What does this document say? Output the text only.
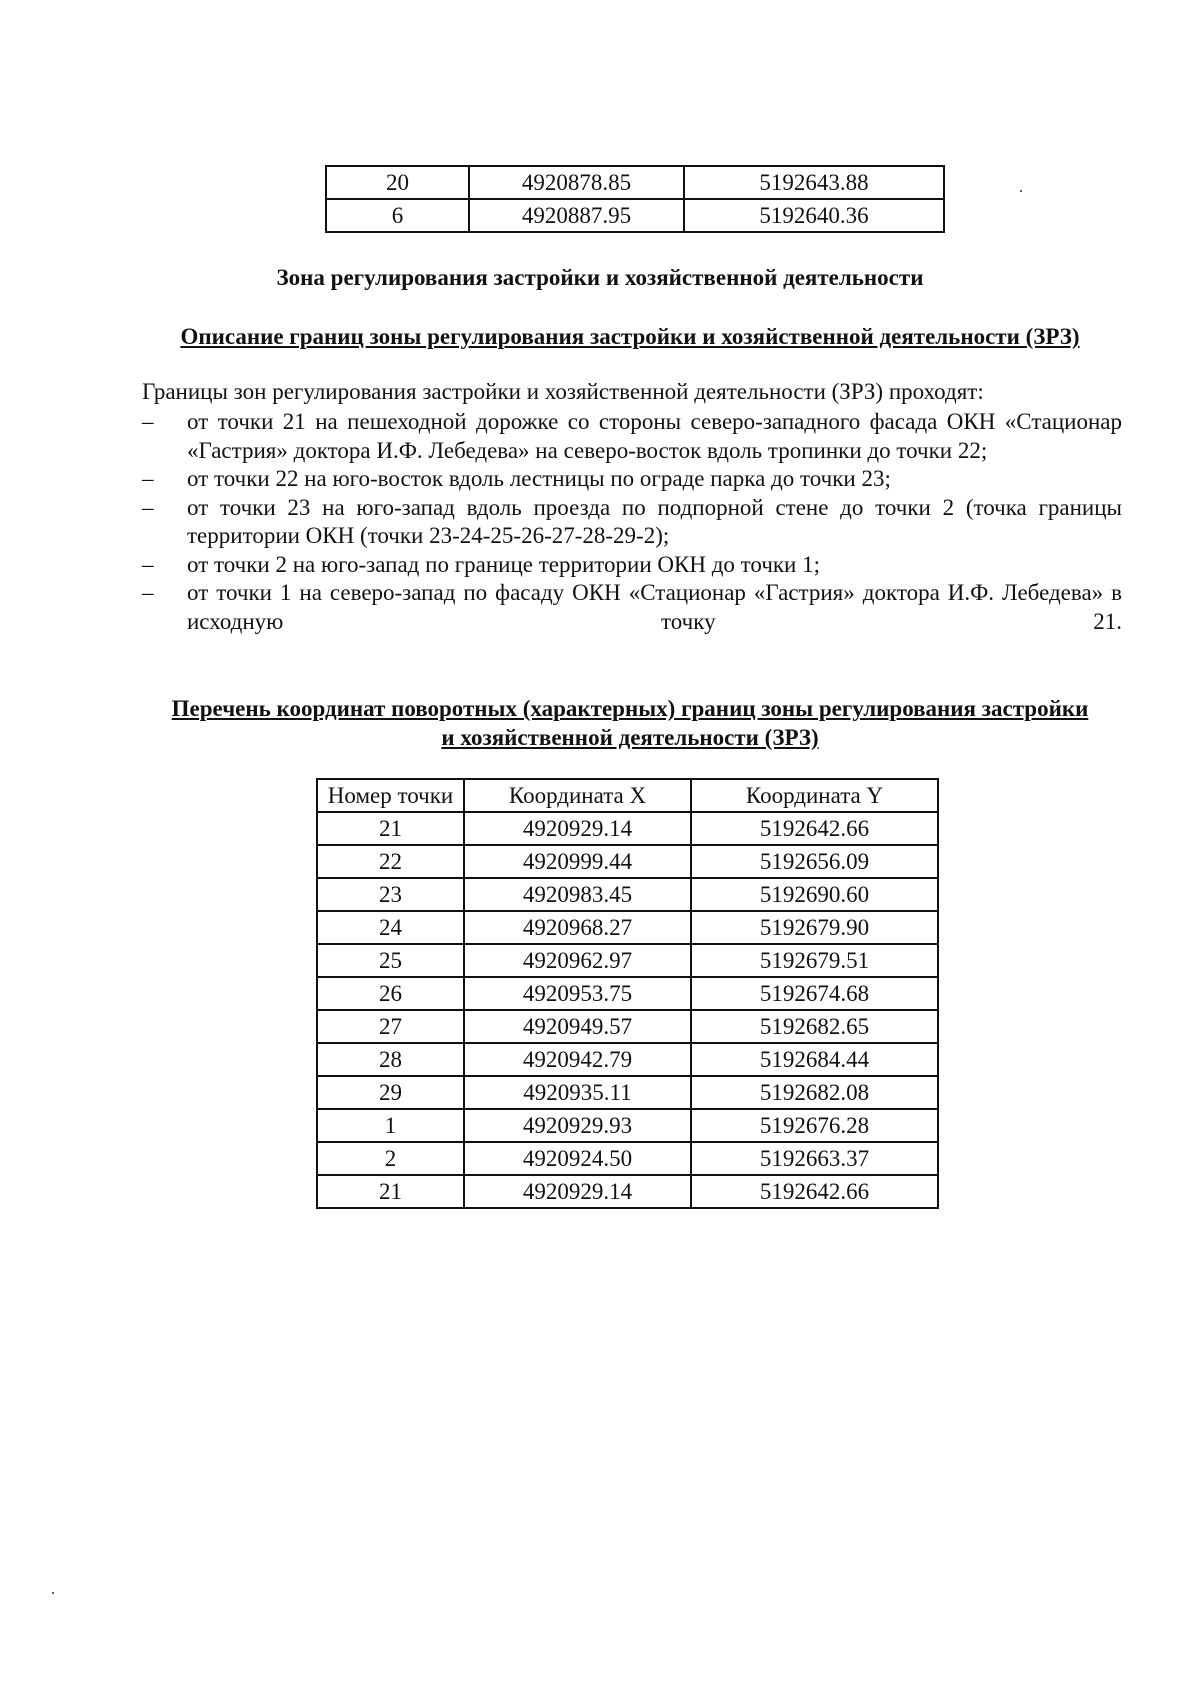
20	4920878.85	5192643.88
6	4920887.95	5192640.36
Зона регулирования застройки и хозяйственной деятельности
Описание границ зоны регулирования застройки и хозяйственной деятельности (ЗРЗ)

Границы зон регулирования застройки и хозяйственной деятельности (ЗРЗ) проходят:

– от точки 21 на пешеходной дорожке со стороны северо-западного фасада ОКН «Стационар «Гастрия» доктора И.Ф. Лебедева» на северо-восток вдоль тропинки до точки 22;
– от точки 22 на юго-восток вдоль лестницы по ограде парка до точки 23;
– от точки 23 на юго-запад вдоль проезда по подпорной стене до точки 2 (точка границы территории ОКН (точки 23-24-25-26-27-28-29-2);
– от точки 2 на юго-запад по границе территории ОКН до точки 1;
– от точки 1 на северо-запад по фасаду ОКН «Стационар «Гастрия» доктора И.Ф. Лебедева» в исходную точку 21.
Перечень координат поворотных (характерных) границ зоны регулирования застройки
и хозяйственной деятельности (ЗРЗ)
Номер точки	Координата X	Координата Y
21	4920929.14	5192642.66
22	4920999.44	5192656.09
23	4920983.45	5192690.60
24	4920968.27	5192679.90
25	4920962.97	5192679.51
26	4920953.75	5192674.68
27	4920949.57	5192682.65
28	4920942.79	5192684.44
29	4920935.11	5192682.08
1	4920929.93	5192676.28
2	4920924.50	5192663.37
21	4920929.14	5192642.66
